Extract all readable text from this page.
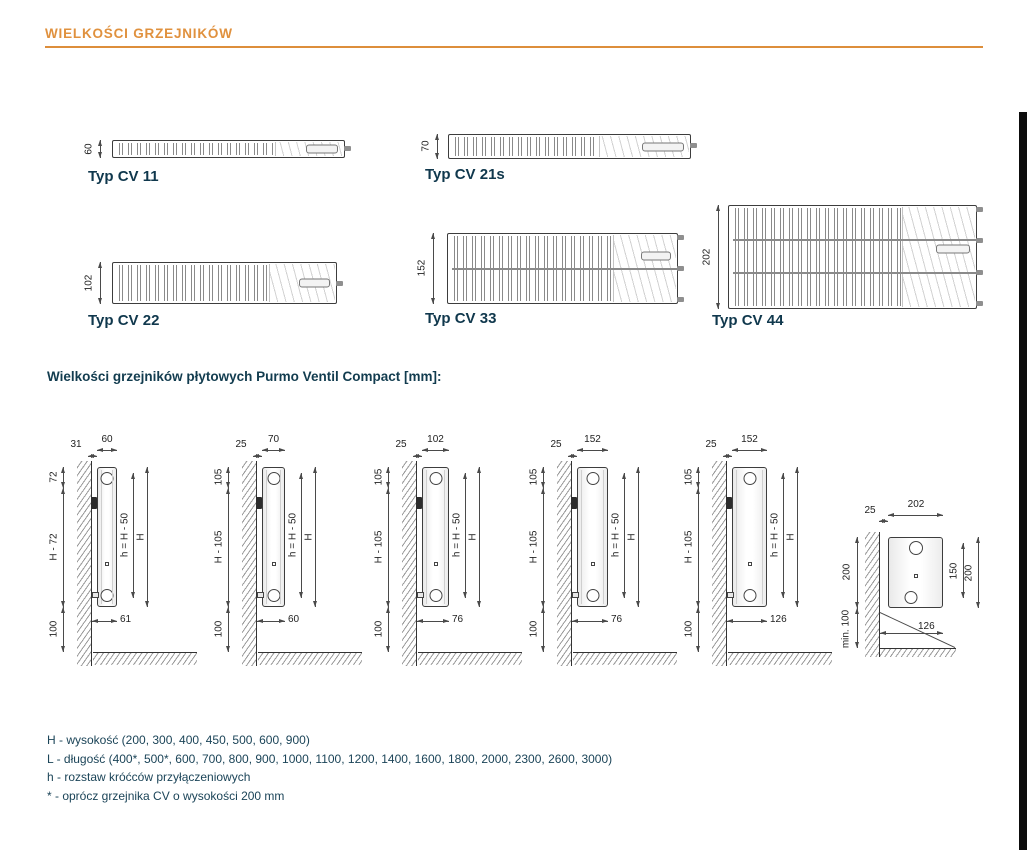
WIELKOŚCI GRZEJNIKÓW
60
Typ CV 11
70
Typ CV 21s
102
Typ CV 22
152
Typ CV 33
202
Typ CV 44
Wielkości grzejników płytowych Purmo Ventil Compact [mm]:
31 60
72
H - 72
100
h = H - 50 H
61
25 70
105
H - 105
100
h = H - 50 H
60
25 102
105
H - 105
100
h = H - 50 H
76
25 152
105
H - 105
100
h = H - 50 H
76
25 152
105
H - 105
100
h = H - 50 H
126
202
25
200
min. 100
150 200
126
H - wysokość (200, 300, 400, 450, 500, 600, 900)
L - długość (400*, 500*, 600, 700, 800, 900, 1000, 1100, 1200, 1400, 1600, 1800, 2000, 2300, 2600, 3000)
h - rozstaw króćców przyłączeniowych
* - oprócz grzejnika CV o wysokości 200 mm
